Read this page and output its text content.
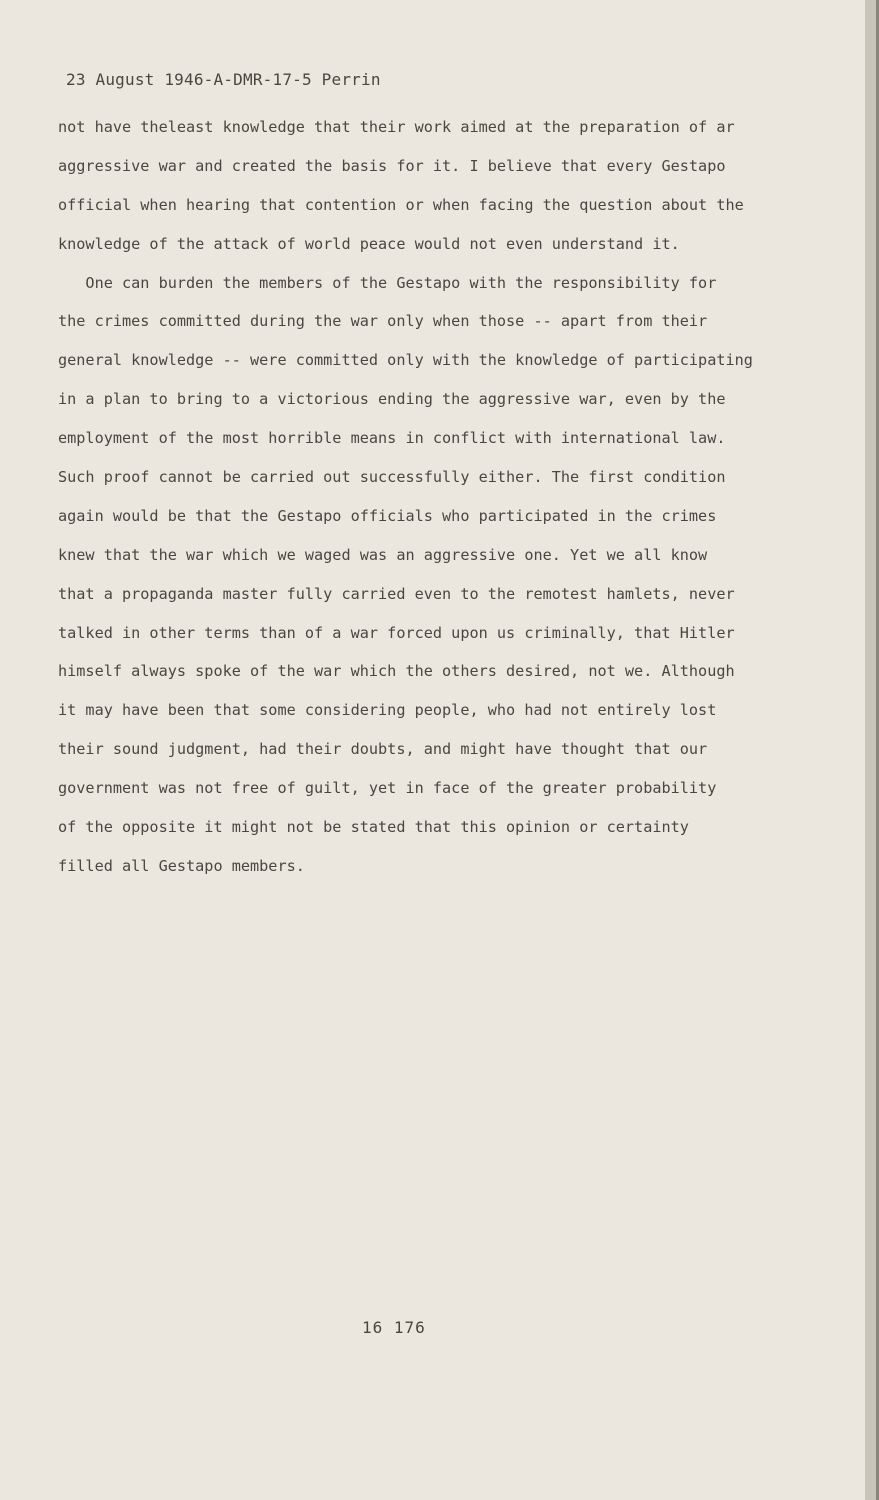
23 August 1946-A-DMR-17-5 Perrin
not have theleast knowledge that their work aimed at the preparation of ar
aggressive war and created the basis for it. I believe that every Gestapo
official when hearing that contention or when facing the question about the
knowledge of the attack of world peace would not even understand it.
One can burden the members of the Gestapo with the responsibility for
the crimes committed during the war only when those -- apart from their
general knowledge -- were committed only with the knowledge of participating
in a plan to bring to a victorious ending the aggressive war, even by the
employment of the most horrible means in conflict with international law.
Such proof cannot be carried out successfully either. The first condition
again would be that the Gestapo officials who participated in the crimes
knew that the war which we waged was an aggressive one. Yet we all know
that a propaganda master fully carried even to the remotest hamlets, never
talked in other terms than of a war forced upon us criminally, that Hitler
himself always spoke of the war which the others desired, not we. Although
it may have been that some considering people, who had not entirely lost
their sound judgment, had their doubts, and might have thought that our
government was not free of guilt, yet in face of the greater probability
of the opposite it might not be stated that this opinion or certainty
filled all Gestapo members.
16 176
